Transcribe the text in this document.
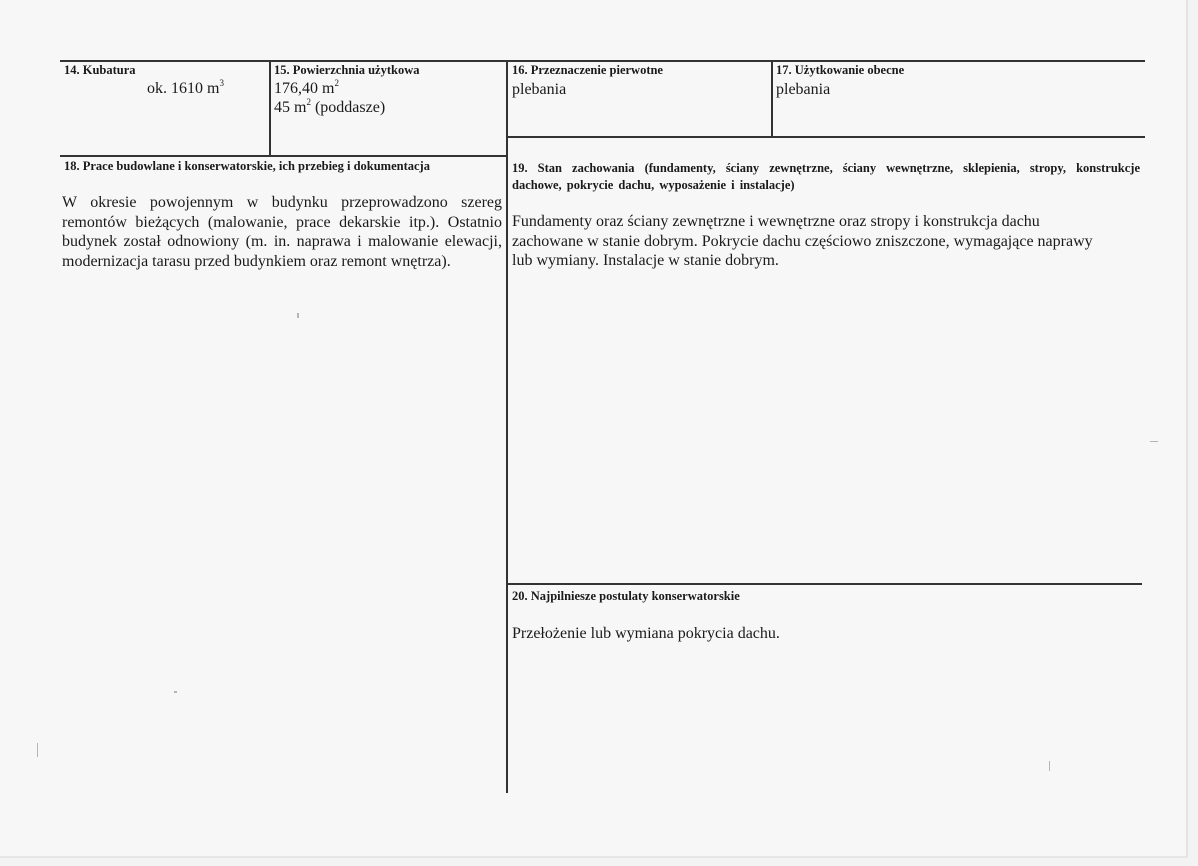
14. Kubatura
ok. 1610 $m^3$
15. Powierzchnia użytkowa
176,40 $m^2$
45 $m^2$ (poddasze)
16. Przeznaczenie pierwotne
plebania
17. Użytkowanie obecne
plebania
18. Prace budowlane i konserwatorskie, ich przebieg i dokumentacja
W okresie powojennym w budynku przeprowadzono szereg remontów bieżących (malowanie, prace dekarskie itp.). Ostatnio budynek został odnowiony (m. in. naprawa i malowanie elewacji, modernizacja tarasu przed budynkiem oraz remont wnętrza).
19. Stan zachowania (fundamenty, ściany zewnętrzne, ściany wewnętrzne, sklepienia, stropy, konstrukcje dachowe, pokrycie dachu, wyposażenie i instalacje)
Fundamenty oraz ściany zewnętrzne i wewnętrzne oraz stropy i konstrukcja dachu
zachowane w stanie dobrym. Pokrycie dachu częściowo zniszczone, wymagające naprawy
lub wymiany. Instalacje w stanie dobrym.
20. Najpilniesze postulaty konserwatorskie
Przełożenie lub wymiana pokrycia dachu.
